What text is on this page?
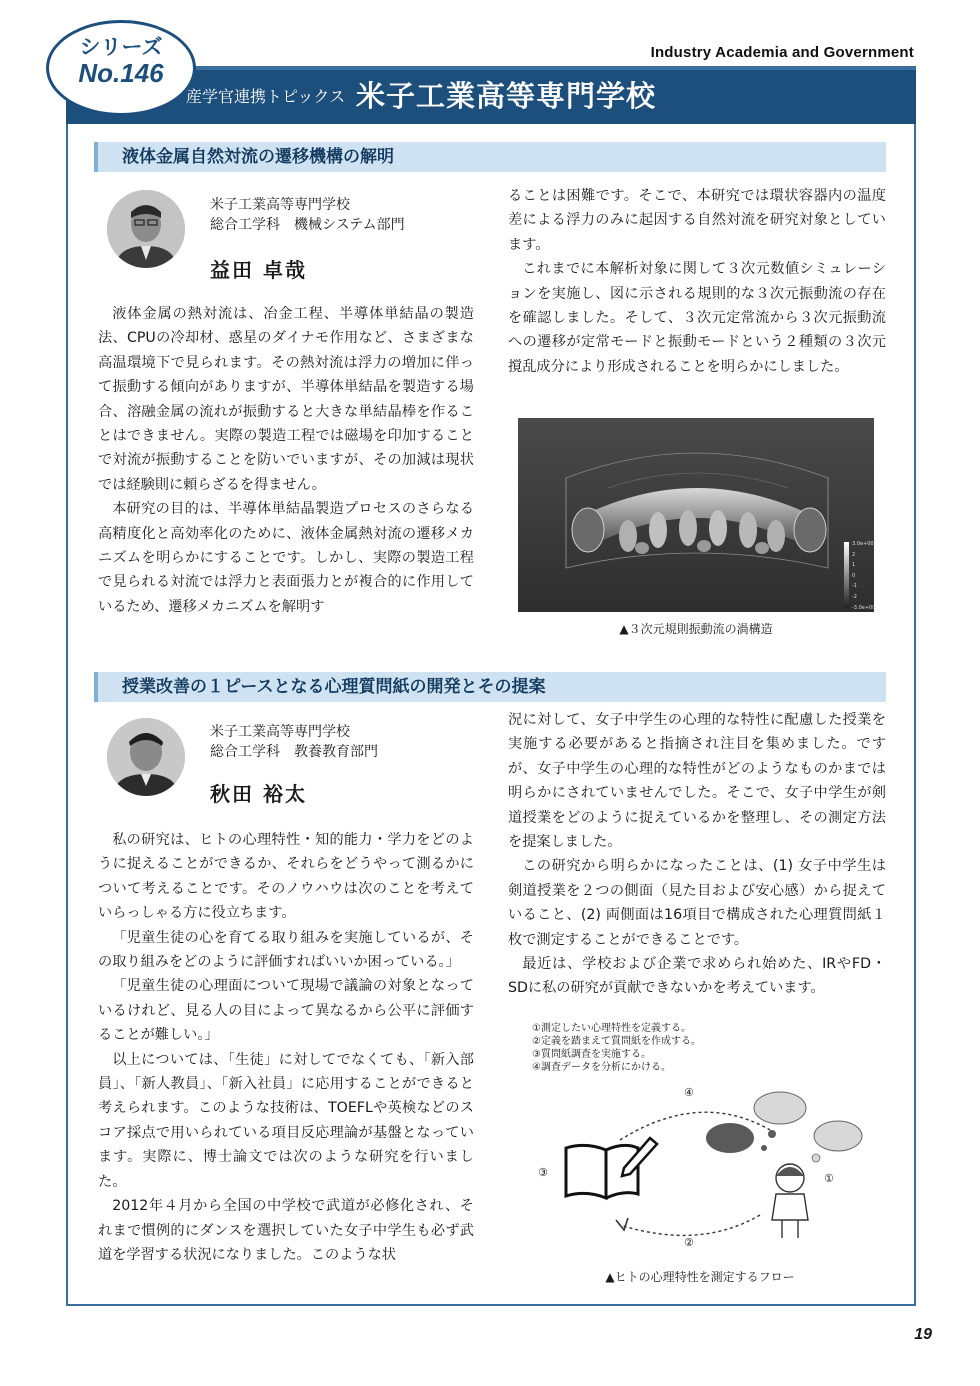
Industry Academia and Government
産学官連携トピックス 米子工業高等専門学校
シリーズ
No.146
液体金属自然対流の遷移機構の解明
米子工業高等専門学校
総合工学科　機械システム部門
益田 卓哉

液体金属の熱対流は、冶金工程、半導体単結晶の製造法、CPUの冷却材、惑星のダイナモ作用など、さまざまな高温環境下で見られます。その熱対流は浮力の増加に伴って振動する傾向がありますが、半導体単結晶を製造する場合、溶融金属の流れが振動すると大きな単結晶棒を作ることはできません。実際の製造工程では磁場を印加することで対流が振動することを防いでいますが、その加減は現状では経験則に頼らざるを得ません。

本研究の目的は、半導体単結晶製造プロセスのさらなる高精度化と高効率化のために、液体金属熱対流の遷移メカニズムを明らかにすることです。しかし、実際の製造工程で見られる対流では浮力と表面張力とが複合的に作用しているため、遷移メカニズムを解明す

ることは困難です。そこで、本研究では環状容器内の温度差による浮力のみに起因する自然対流を研究対象としています。

これまでに本解析対象に関して３次元数値シミュレーションを実施し、図に示される規則的な３次元振動流の存在を確認しました。そして、３次元定常流から３次元振動流への遷移が定常モードと振動モードという２種類の３次元撹乱成分により形成されることを明らかにしました。

3.0e+00
2
1
0
-1
-2
-3.0e+00
▲３次元規則振動流の渦構造
授業改善の１ピースとなる心理質問紙の開発とその提案
米子工業高等専門学校
総合工学科　教養教育部門
秋田 裕太

私の研究は、ヒトの心理特性・知的能力・学力をどのように捉えることができるか、それらをどうやって測るかについて考えることです。そのノウハウは次のことを考えていらっしゃる方に役立ちます。

「児童生徒の心を育てる取り組みを実施しているが、その取り組みをどのように評価すればいいか困っている。」

「児童生徒の心理面について現場で議論の対象となっているけれど、見る人の目によって異なるから公平に評価することが難しい。」

以上については、「生徒」に対してでなくても、「新入部員」、「新人教員」、「新入社員」に応用することができると考えられます。このような技術は、TOEFLや英検などのスコア採点で用いられている項目反応理論が基盤となっています。実際に、博士論文では次のような研究を行いました。

2012年４月から全国の中学校で武道が必修化され、それまで慣例的にダンスを選択していた女子中学生も必ず武道を学習する状況になりました。このような状

況に対して、女子中学生の心理的な特性に配慮した授業を実施する必要があると指摘され注目を集めました。ですが、女子中学生の心理的な特性がどのようなものかまでは明らかにされていませんでした。そこで、女子中学生が剣道授業をどのように捉えているかを整理し、その測定方法を提案しました。

この研究から明らかになったことは、(1) 女子中学生は剣道授業を２つの側面（見た目および安心感）から捉えていること、(2) 両側面は16項目で構成された心理質問紙１枚で測定することができることです。

最近は、学校および企業で求められ始めた、IRやFD・SDに私の研究が貢献できないかを考えています。

①測定したい心理特性を定義する。
②定義を踏まえて質問紙を作成する。
③質問紙調査を実施する。
④調査データを分析にかける。
④
③	①
②
▲ヒトの心理特性を測定するフロー
19
